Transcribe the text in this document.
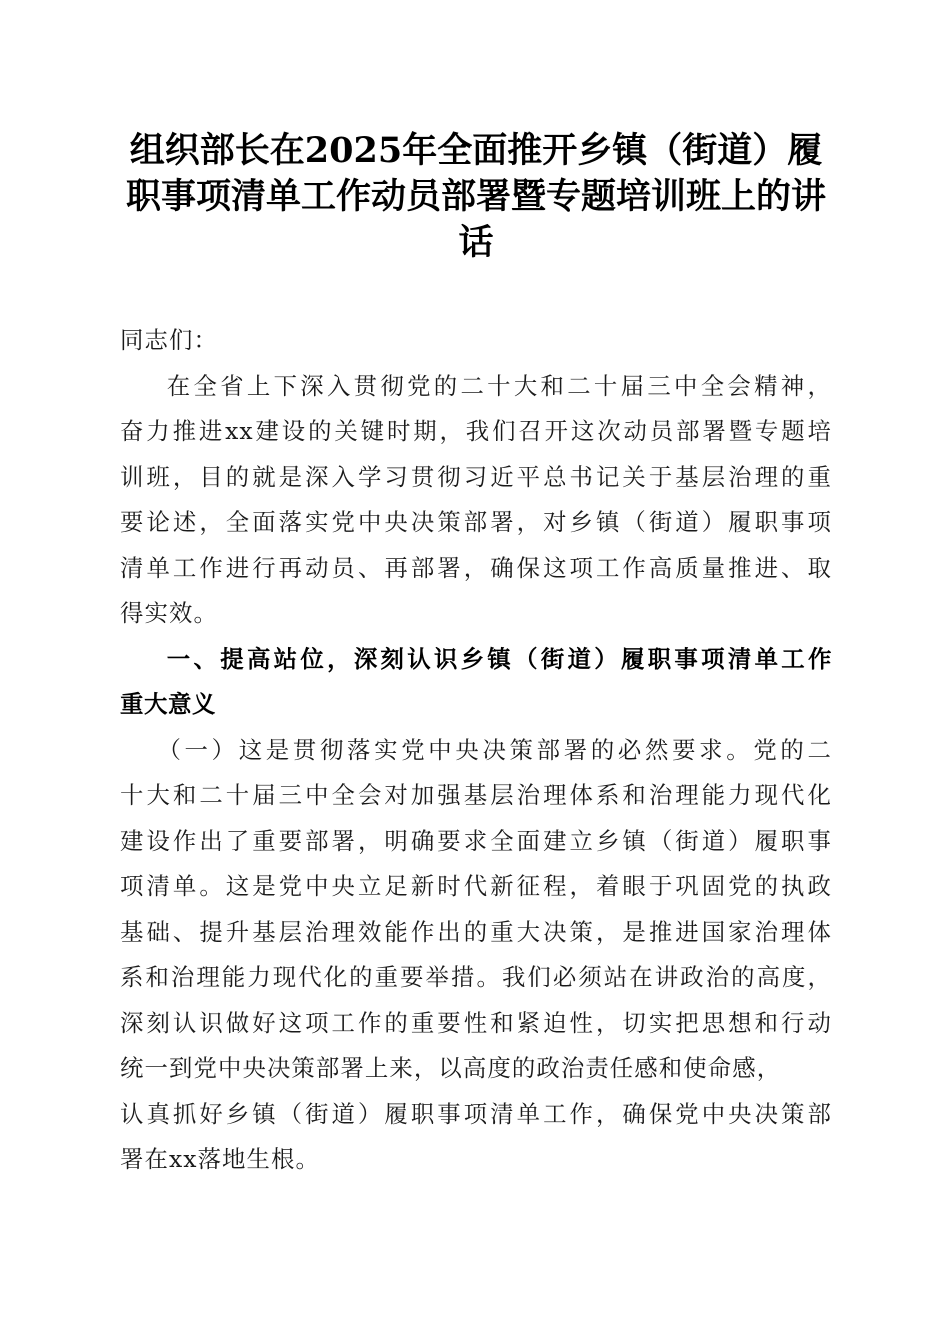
组织部长在2025年全面推开乡镇（街道）履
职事项清单工作动员部署暨专题培训班上的讲
话

同志们：

在全省上下深入贯彻党的二十大和二十届三中全会精神，
奋力推进xx建设的关键时期，我们召开这次动员部署暨专题培
训班，目的就是深入学习贯彻习近平总书记关于基层治理的重
要论述，全面落实党中央决策部署，对乡镇（街道）履职事项
清单工作进行再动员、再部署，确保这项工作高质量推进、取
得实效。

一、提高站位，深刻认识乡镇（街道）履职事项清单工作
重大意义

（一）这是贯彻落实党中央决策部署的必然要求。党的二
十大和二十届三中全会对加强基层治理体系和治理能力现代化
建设作出了重要部署，明确要求全面建立乡镇（街道）履职事
项清单。这是党中央立足新时代新征程，着眼于巩固党的执政
基础、提升基层治理效能作出的重大决策，是推进国家治理体
系和治理能力现代化的重要举措。我们必须站在讲政治的高度，
深刻认识做好这项工作的重要性和紧迫性，切实把思想和行动
统一到党中央决策部署上来，以高度的政治责任感和使命感，
认真抓好乡镇（街道）履职事项清单工作，确保党中央决策部
署在xx落地生根。
